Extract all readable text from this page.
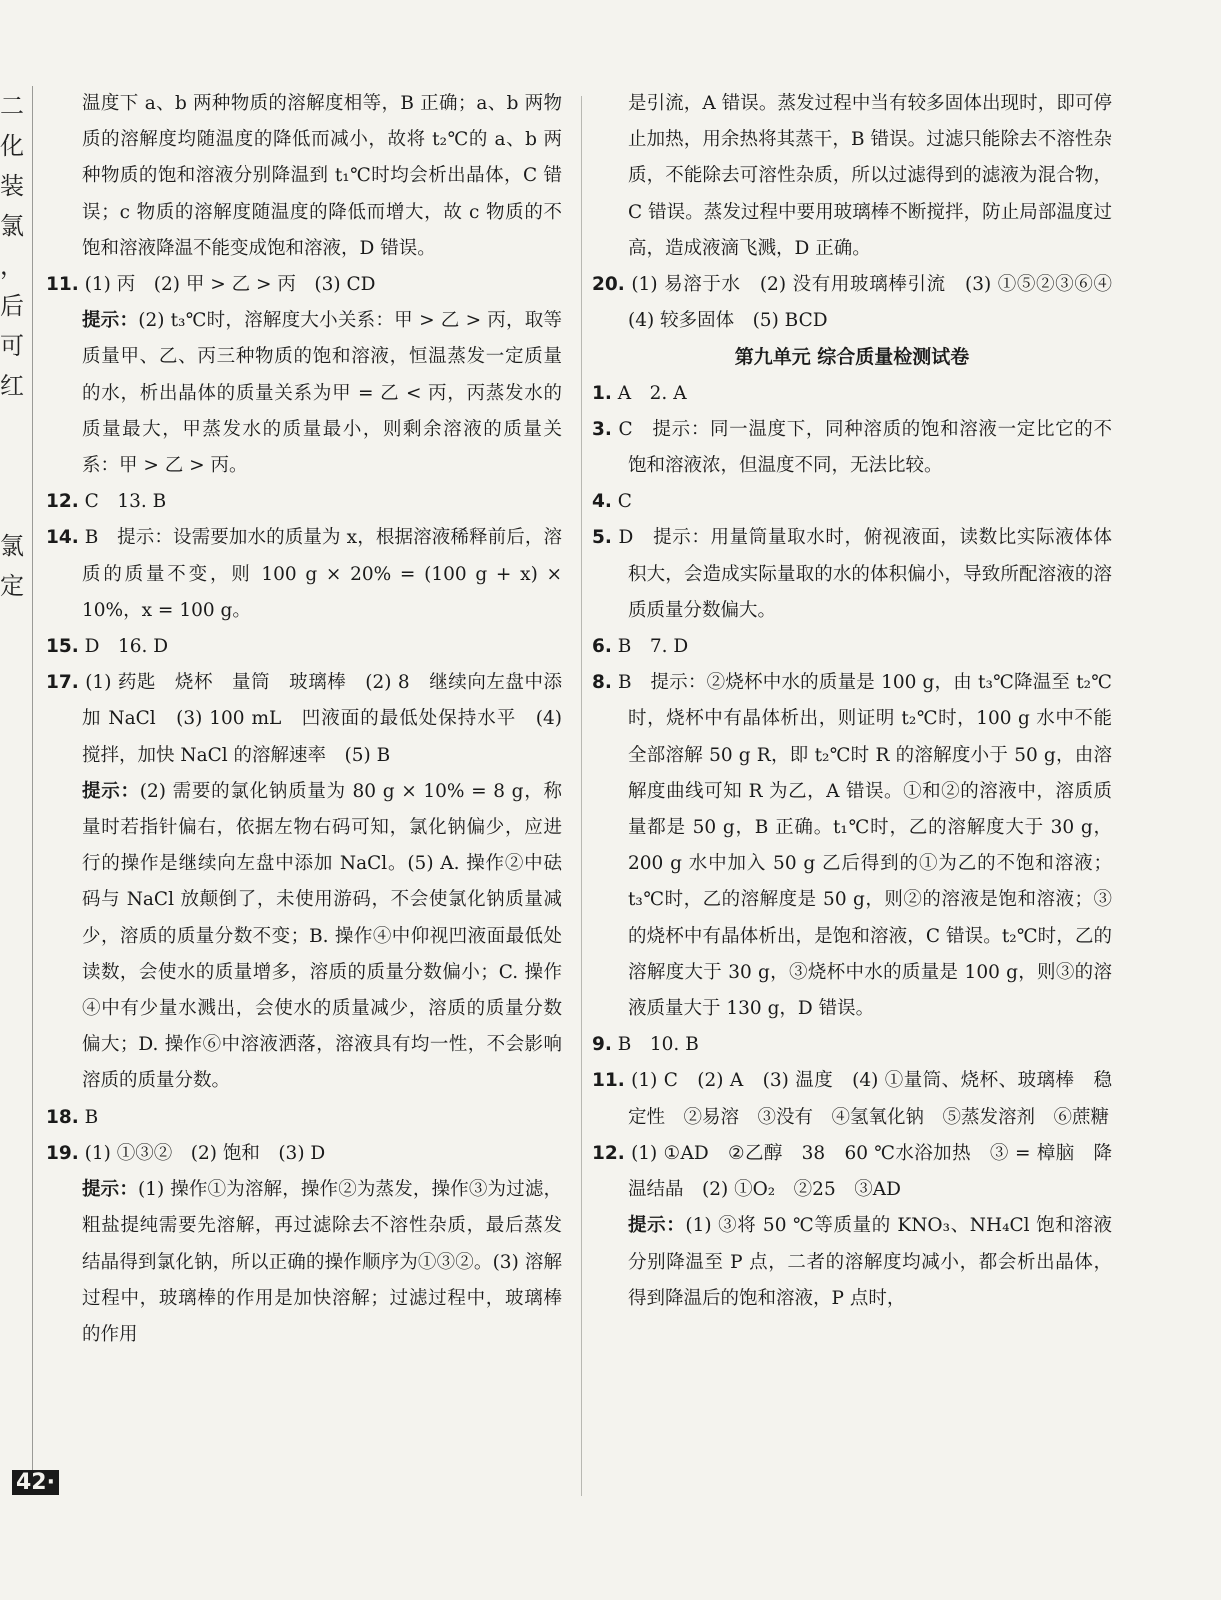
二
化
装
氯
，
后
可
红
氯
定

温度下 a、b 两种物质的溶解度相等，B 正确；a、b 两物质的溶解度均随温度的降低而减小，故将 t₂℃的 a、b 两种物质的饱和溶液分别降温到 t₁℃时均会析出晶体，C 错误；c 物质的溶解度随温度的降低而增大，故 c 物质的不饱和溶液降温不能变成饱和溶液，D 错误。

11. (1) 丙　(2) 甲 > 乙 > 丙　(3) CD

提示：(2) t₃℃时，溶解度大小关系：甲 > 乙 > 丙，取等质量甲、乙、丙三种物质的饱和溶液，恒温蒸发一定质量的水，析出晶体的质量关系为甲 = 乙 < 丙，丙蒸发水的质量最大，甲蒸发水的质量最小，则剩余溶液的质量关系：甲 > 乙 > 丙。

12. C　13. B

14. B　提示：设需要加水的质量为 x，根据溶液稀释前后，溶质的质量不变，则 100 g × 20% = (100 g + x) × 10%，x = 100 g。

15. D　16. D

17. (1) 药匙　烧杯　量筒　玻璃棒　(2) 8　继续向左盘中添加 NaCl　(3) 100 mL　凹液面的最低处保持水平　(4) 搅拌，加快 NaCl 的溶解速率　(5) B

提示：(2) 需要的氯化钠质量为 80 g × 10% = 8 g，称量时若指针偏右，依据左物右码可知，氯化钠偏少，应进行的操作是继续向左盘中添加 NaCl。(5) A. 操作②中砝码与 NaCl 放颠倒了，未使用游码，不会使氯化钠质量减少，溶质的质量分数不变；B. 操作④中仰视凹液面最低处读数，会使水的质量增多，溶质的质量分数偏小；C. 操作④中有少量水溅出，会使水的质量减少，溶质的质量分数偏大；D. 操作⑥中溶液洒落，溶液具有均一性，不会影响溶质的质量分数。

18. B

19. (1) ①③②　(2) 饱和　(3) D

提示：(1) 操作①为溶解，操作②为蒸发，操作③为过滤，粗盐提纯需要先溶解，再过滤除去不溶性杂质，最后蒸发结晶得到氯化钠，所以正确的操作顺序为①③②。(3) 溶解过程中，玻璃棒的作用是加快溶解；过滤过程中，玻璃棒的作用

是引流，A 错误。蒸发过程中当有较多固体出现时，即可停止加热，用余热将其蒸干，B 错误。过滤只能除去不溶性杂质，不能除去可溶性杂质，所以过滤得到的滤液为混合物，C 错误。蒸发过程中要用玻璃棒不断搅拌，防止局部温度过高，造成液滴飞溅，D 正确。

20. (1) 易溶于水　(2) 没有用玻璃棒引流　(3) ①⑤②③⑥④　(4) 较多固体　(5) BCD

第九单元 综合质量检测试卷

1. A　2. A

3. C　提示：同一温度下，同种溶质的饱和溶液一定比它的不饱和溶液浓，但温度不同，无法比较。

4. C

5. D　提示：用量筒量取水时，俯视液面，读数比实际液体体积大，会造成实际量取的水的体积偏小，导致所配溶液的溶质质量分数偏大。

6. B　7. D

8. B　提示：②烧杯中水的质量是 100 g，由 t₃℃降温至 t₂℃时，烧杯中有晶体析出，则证明 t₂℃时，100 g 水中不能全部溶解 50 g R，即 t₂℃时 R 的溶解度小于 50 g，由溶解度曲线可知 R 为乙，A 错误。①和②的溶液中，溶质质量都是 50 g，B 正确。t₁℃时，乙的溶解度大于 30 g，200 g 水中加入 50 g 乙后得到的①为乙的不饱和溶液；t₃℃时，乙的溶解度是 50 g，则②的溶液是饱和溶液；③的烧杯中有晶体析出，是饱和溶液，C 错误。t₂℃时，乙的溶解度大于 30 g，③烧杯中水的质量是 100 g，则③的溶液质量大于 130 g，D 错误。

9. B　10. B

11. (1) C　(2) A　(3) 温度　(4) ①量筒、烧杯、玻璃棒　稳定性　②易溶　③没有　④氢氧化钠　⑤蒸发溶剂　⑥蔗糖

12. (1) ①AD　②乙醇　38　60 ℃水浴加热　③ = 樟脑　降温结晶　(2) ①O₂　②25　③AD

提示：(1) ③将 50 ℃等质量的 KNO₃、NH₄Cl 饱和溶液分别降温至 P 点，二者的溶解度均减小，都会析出晶体，得到降温后的饱和溶液，P 点时，

42·
